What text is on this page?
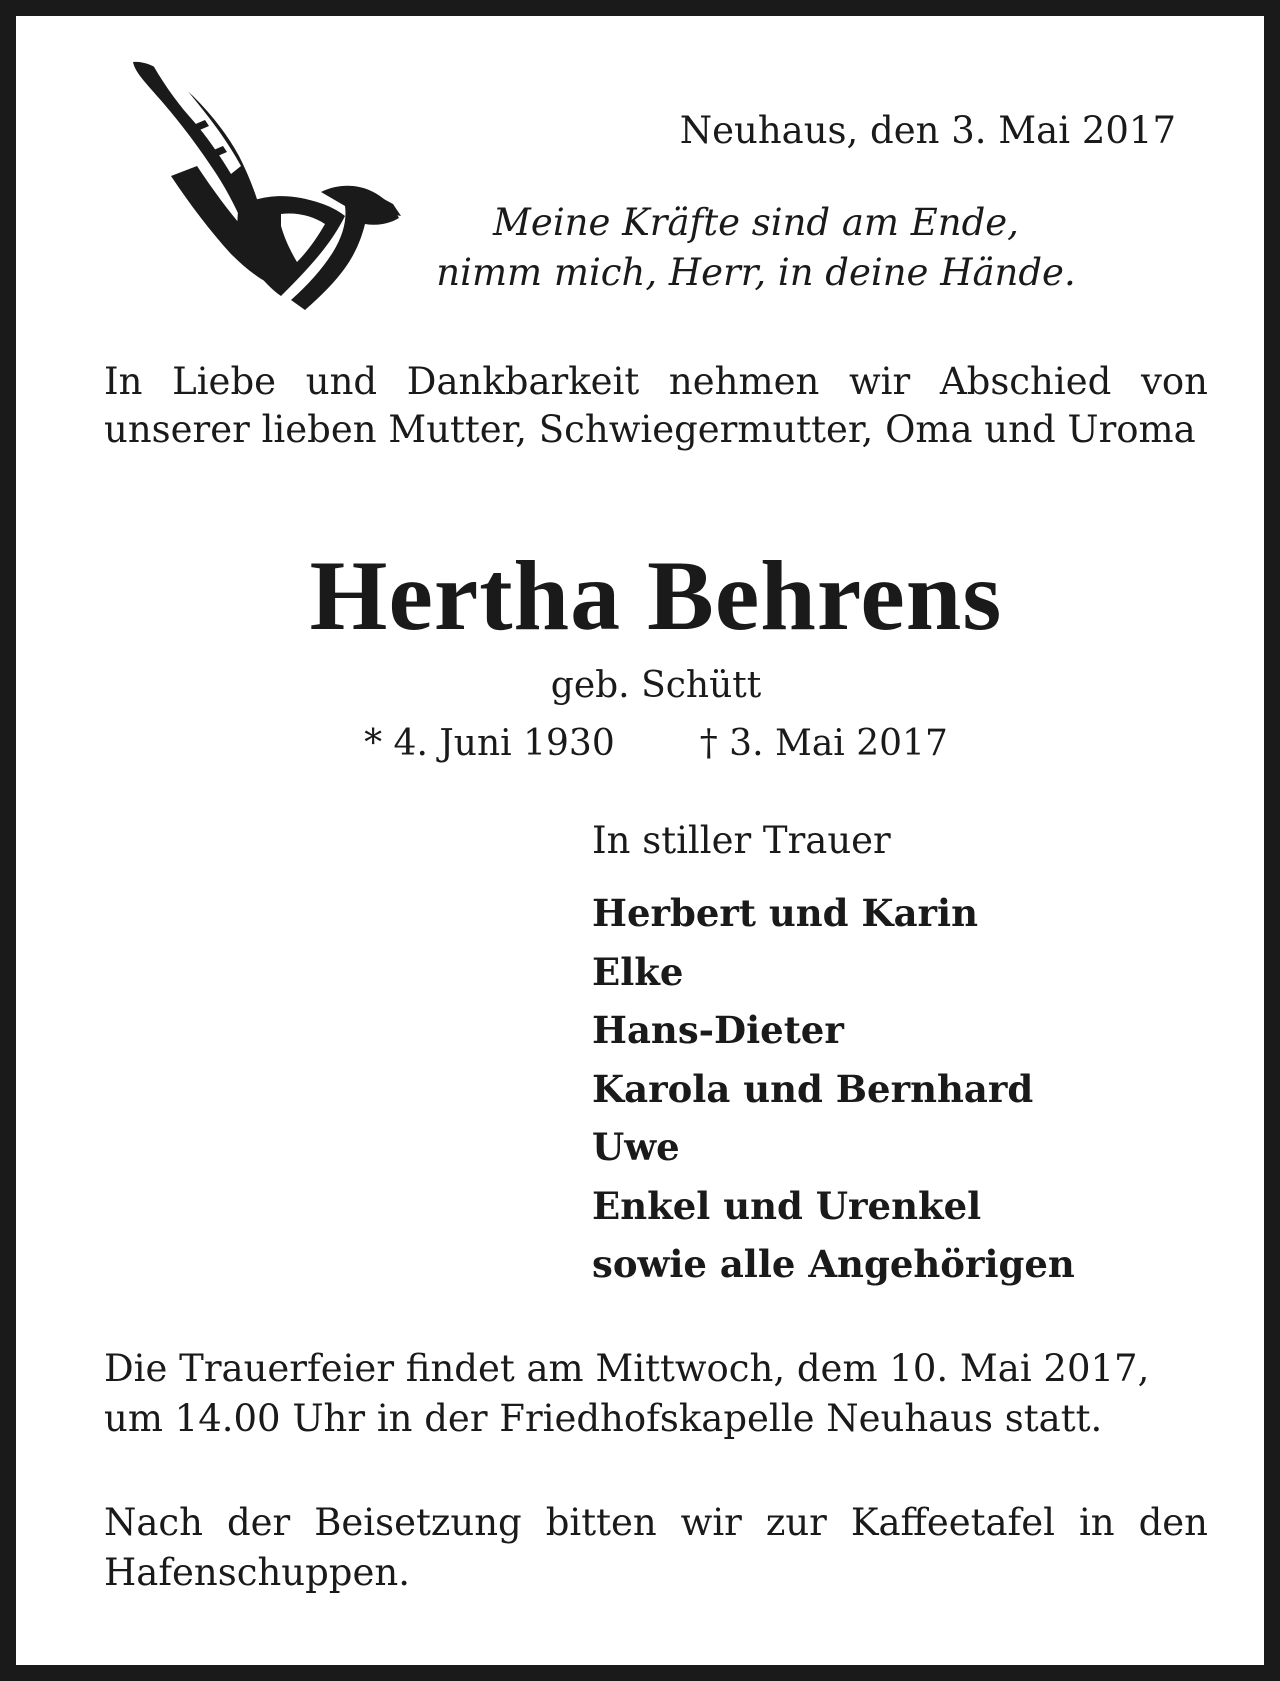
Neuhaus, den 3. Mai 2017
Meine Kräfte sind am Ende,
nimm mich, Herr, in deine Hände.
In Liebe und Dankbarkeit nehmen wir Abschied von unserer lieben Mutter, Schwiegermutter, Oma und Uroma
Hertha Behrens
geb. Schütt
* 4. Juni 1930 † 3. Mai 2017
In stiller Trauer
Herbert und Karin
Elke
Hans-Dieter
Karola und Bernhard
Uwe
Enkel und Urenkel
sowie alle Angehörigen
Die Trauerfeier findet am Mittwoch, dem 10. Mai 2017,
um 14.00 Uhr in der Friedhofskapelle Neuhaus statt.
Nach der Beisetzung bitten wir zur Kaffeetafel in den Hafenschuppen.
